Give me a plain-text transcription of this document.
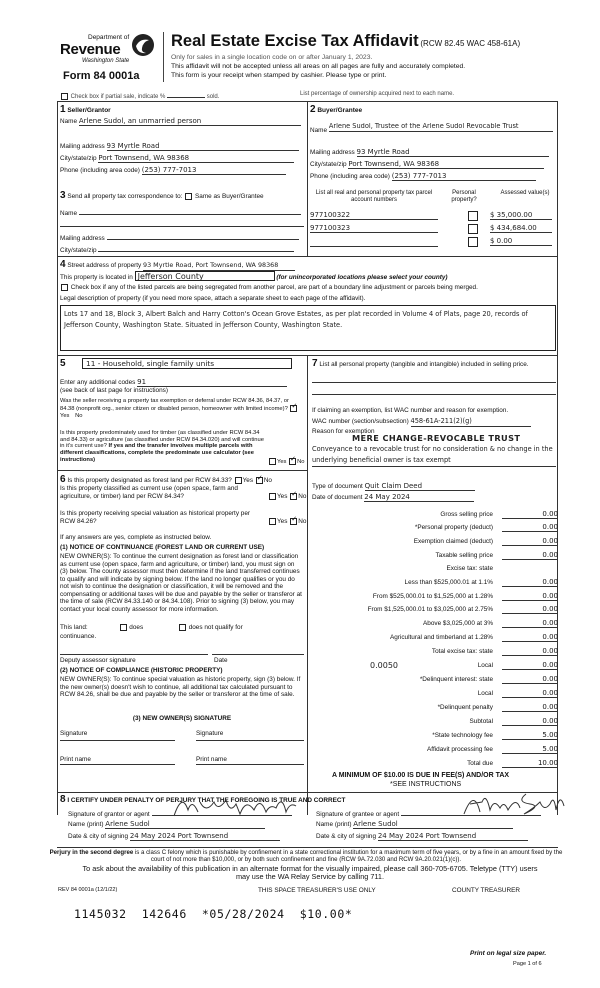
Department of
Revenue
Washington State
Form 84 0001a
Real Estate Excise Tax Affidavit (RCW 82.45 WAC 458-61A)
Only for sales in a single location code on or after January 1, 2023.
This affidavit will not be accepted unless all areas on all pages are fully and accurately completed.
This form is your receipt when stamped by cashier. Please type or print.
Check box if partial sale, indicate %	sold.	List percentage of ownership acquired next to each name.
1 Seller/Grantor
Name Arlene Sudol, an unmarried person
Mailing address 93 Myrtle Road
City/state/zip Port Townsend, WA 98368
Phone (including area code) (253) 777-7013
2 Buyer/Grantee
Name Arlene Sudol, Trustee of the Arlene Sudol Revocable Trust
Mailing address 93 Myrtle Road
City/state/zip Port Townsend, WA 98368
Phone (including area code) (253) 777-7013
3 Send all property tax correspondence to: Same as Buyer/Grantee
Name
Mailing address
City/state/zip
List all real and personal property tax parcel account numbers
Personal property?
Assessed value(s)
977100322	$ 35,000.00
977100323	$ 434,684.00
$ 0.00
4 Street address of property 93 Myrtle Road, Port Townsend, WA 98368
This property is located in Jefferson County	(for unincorporated locations please select your county)
Check box if any of the listed parcels are being segregated from another parcel, are part of a boundary line adjustment or parcels being merged.
Legal description of property (if you need more space, attach a separate sheet to each page of the affidavit).
Lots 17 and 18, Block 3, Albert Balch and Harry Cotton's Ocean Grove Estates, as per plat recorded in Volume 4 of Plats, page 20, records of Jefferson County, Washington State. Situated in Jefferson County, Washington State.
5	11 - Household, single family units
Enter any additional codes 91
(see back of last page for instructions)
Was the seller receiving a property tax exemption or deferral under RCW 84.36, 84.37, or 84.38 (nonprofit org., senior citizen or disabled person, homeowner with limited income)? ✓Yes No
Is this property predominately used for timber (as classified under RCW 84.34 and 84.33) or agriculture (as classified under RCW 84.34.020) and will continue in it's current use? If yes and the transfer involves multiple parcels with different classifications, complete the predominate use calculator (see instructions)	Yes ✓ No
6 Is this property designated as forest land per RCW 84.33? Yes ✓ No
Is this property classified as current use (open space, farm and agriculture, or timber) land per RCW 84.34?	Yes ✓ No
Is this property receiving special valuation as historical property per RCW 84.26?	Yes ✓ No
If any answers are yes, complete as instructed below.
(1) NOTICE OF CONTINUANCE (FOREST LAND OR CURRENT USE)
NEW OWNER(S): To continue the current designation as forest land or classification as current use (open space, farm and agriculture, or timber) land, you must sign on (3) below. The county assessor must then determine if the land transferred continues to qualify and will indicate by signing below. If the land no longer qualifies or you do not wish to continue the designation or classification, it will be removed and the compensating or additional taxes will be due and payable by the seller or transferor at the time of sale (RCW 84.33.140 or 84.34.108). Prior to signing (3) below, you may contact your local county assessor for more information.
This land:	does	does not qualify for
continuance.
Deputy assessor signature	Date
(2) NOTICE OF COMPLIANCE (HISTORIC PROPERTY)
NEW OWNER(S): To continue special valuation as historic property, sign (3) below. If the new owner(s) doesn't wish to continue, all additional tax calculated pursuant to RCW 84.26, shall be due and payable by the seller or transferor at the time of sale.
(3) NEW OWNER(S) SIGNATURE
Signature	Signature
Print name	Print name
7 List all personal property (tangible and intangible) included in selling price.
If claiming an exemption, list WAC number and reason for exemption.
WAC number (section/subsection) 458-61A-211(2)(g)
Reason for exemption
MERE CHANGE-REVOCABLE TRUST
Conveyance to a revocable trust for no consideration & no change in the underlying beneficial owner is tax exempt
Type of document Quit Claim Deed
Date of document 24 May 2024
Gross selling price	0.00
*Personal property (deduct)	0.00
Exemption claimed (deduct)	0.00
Taxable selling price	0.00
Excise tax: state
Less than $525,000.01 at 1.1%	0.00
From $525,000.01 to $1,525,000 at 1.28%	0.00
From $1,525,000.01 to $3,025,000 at 2.75%	0.00
Above $3,025,000 at 3%	0.00
Agricultural and timberland at 1.28%	0.00
Total excise tax: state	0.00
0.0050	Local	0.00
*Delinquent interest: state	0.00
Local	0.00
*Delinquent penalty	0.00
Subtotal	0.00
*State technology fee	5.00
Affidavit processing fee	5.00
Total due	10.00
A MINIMUM OF $10.00 IS DUE IN FEE(S) AND/OR TAX
*SEE INSTRUCTIONS
8 I CERTIFY UNDER PENALTY OF PERJURY THAT THE FOREGOING IS TRUE AND CORRECT
Signature of grantor or agent
Name (print) Arlene Sudol
Date & city of signing 24 May 2024 Port Townsend
Signature of grantee or agent
Name (print) Arlene Sudol
Date & city of signing 24 May 2024 Port Townsend
Perjury in the second degree is a class C felony which is punishable by confinement in a state correctional institution for a maximum term of five years, or by a fine in an amount fixed by the court of not more than $10,000, or by both such confinement and fine (RCW 9A.72.030 and RCW 9A.20.021(1)(c)).
To ask about the availability of this publication in an alternate format for the visually impaired, please call 360-705-6705. Teletype (TTY) users may use the WA Relay Service by calling 711.
REV 84 0001a (12/1/22)	THIS SPACE TREASURER'S USE ONLY	COUNTY TREASURER
1145032  142646  *05/28/2024  $10.00*
Print on legal size paper.
Page 1 of 6
